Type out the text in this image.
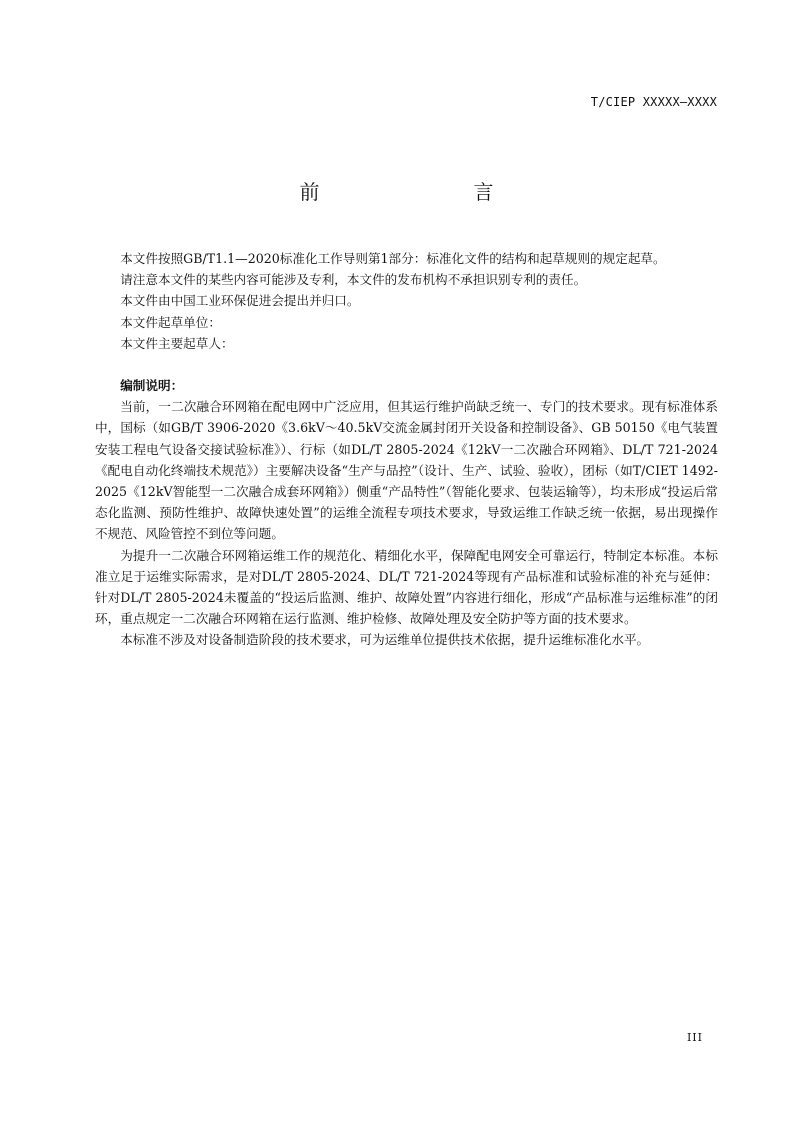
T/CIEP XXXXX—XXXX
前　　言

本文件按照GB/T1.1—2020标准化工作导则第1部分：标准化文件的结构和起草规则的规定起草。

请注意本文件的某些内容可能涉及专利，本文件的发布机构不承担识别专利的责任。

本文件由中国工业环保促进会提出并归口。

本文件起草单位：

本文件主要起草人：

编制说明：

当前，一二次融合环网箱在配电网中广泛应用，但其运行维护尚缺乏统一、专门的技术要求。现有标准体系中，国标（如GB/T 3906-2020《3.6kV～40.5kV交流金属封闭开关设备和控制设备》、GB 50150《电气装置安装工程电气设备交接试验标准》）、行标（如DL/T 2805-2024《12kV一二次融合环网箱》、DL/T 721-2024《配电自动化终端技术规范》）主要解决设备“生产与品控”（设计、生产、试验、验收），团标（如T/CIET 1492-2025《12kV智能型一二次融合成套环网箱》）侧重“产品特性”（智能化要求、包装运输等），均未形成“投运后常态化监测、预防性维护、故障快速处置”的运维全流程专项技术要求，导致运维工作缺乏统一依据，易出现操作不规范、风险管控不到位等问题。

为提升一二次融合环网箱运维工作的规范化、精细化水平，保障配电网安全可靠运行，特制定本标准。本标准立足于运维实际需求，是对DL/T 2805-2024、DL/T 721-2024等现有产品标准和试验标准的补充与延伸：针对DL/T 2805-2024未覆盖的“投运后监测、维护、故障处置”内容进行细化，形成“产品标准与运维标准”的闭环，重点规定一二次融合环网箱在运行监测、维护检修、故障处理及安全防护等方面的技术要求。

本标准不涉及对设备制造阶段的技术要求，可为运维单位提供技术依据，提升运维标准化水平。

III
